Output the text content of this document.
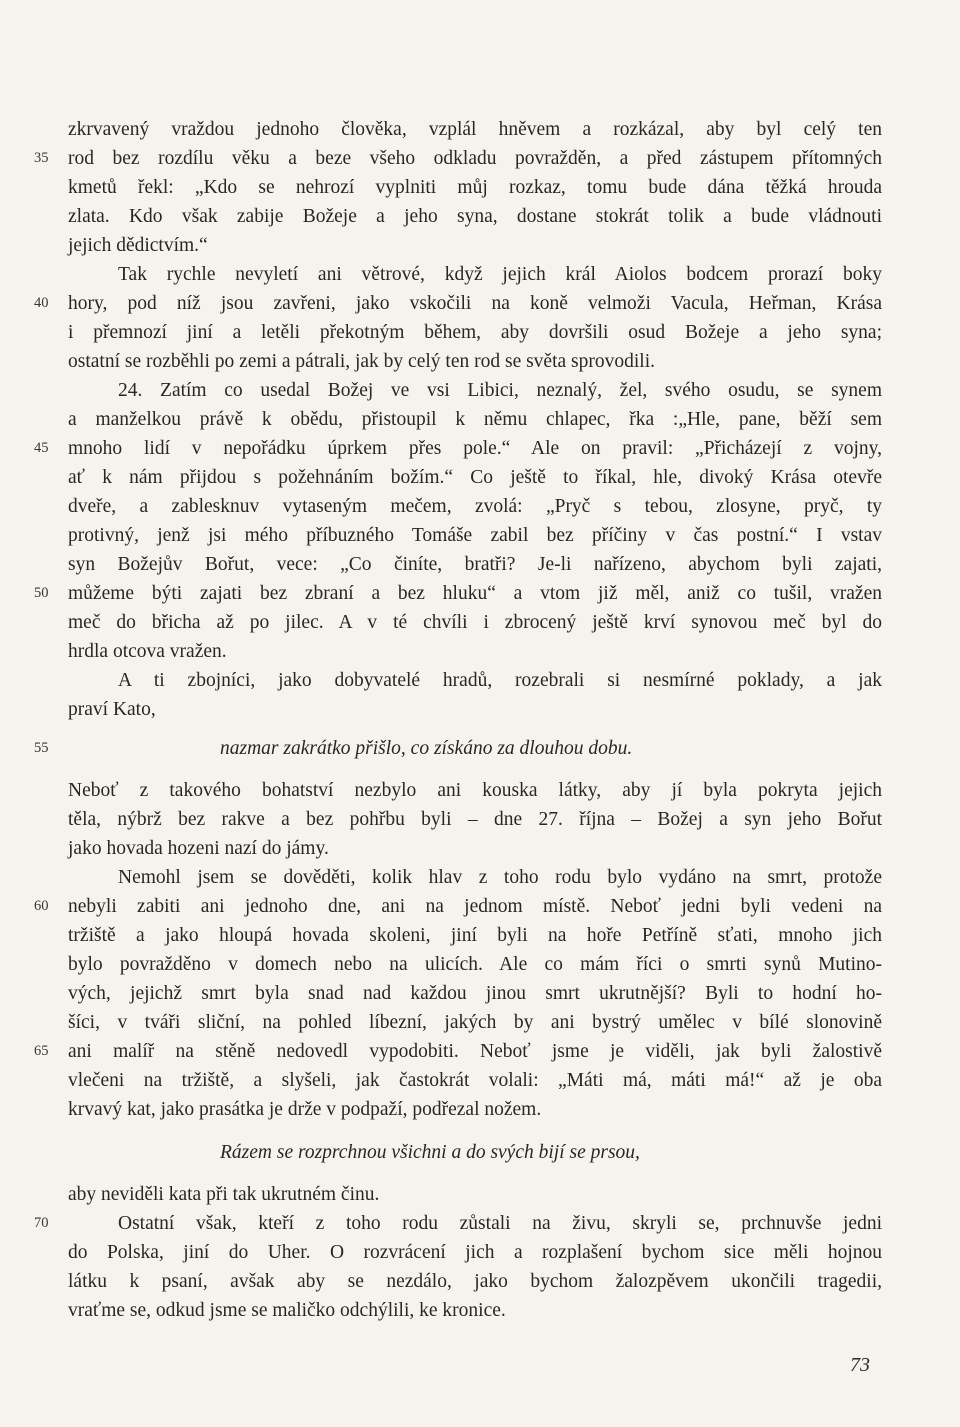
zkrvavený vraždou jednoho člověka, vzplál hněvem a rozkázal, aby byl celý ten
35	rod bez rozdílu věku a beze všeho odkladu povražděn, a před zástupem přítomných
kmetů řekl: „Kdo se nehrozí vyplniti můj rozkaz, tomu bude dána těžká hrouda
zlata. Kdo však zabije Božeje a jeho syna, dostane stokrát tolik a bude vládnouti
jejich dědictvím.“
Tak rychle nevyletí ani větrové, když jejich král Aiolos bodcem prorazí boky
40	hory, pod níž jsou zavřeni, jako vskočili na koně velmoži Vacula, Heřman, Krása
i přemnozí jiní a letěli překotným během, aby dovršili osud Božeje a jeho syna;
ostatní se rozběhli po zemi a pátrali, jak by celý ten rod se světa sprovodili.
24. Zatím co usedal Božej ve vsi Libici, neznalý, žel, svého osudu, se synem
a manželkou právě k obědu, přistoupil k němu chlapec, řka :„Hle, pane, běží sem
45	mnoho lidí v nepořádku úprkem přes pole.“ Ale on pravil: „Přicházejí z vojny,
ať k nám přijdou s požehnáním božím.“ Co ještě to říkal, hle, divoký Krása otevře
dveře, a zablesknuv vytaseným mečem, zvolá: „Pryč s tebou, zlosyne, pryč, ty
protivný, jenž jsi mého příbuzného Tomáše zabil bez příčiny v čas postní.“ I vstav
syn Božejův Bořut, vece: „Co činíte, bratři? Je-li nařízeno, abychom byli zajati,
50	můžeme býti zajati bez zbraní a bez hluku“ a vtom již měl, aniž co tušil, vražen
meč do břicha až po jilec. A v té chvíli i zbrocený ještě krví synovou meč byl do
hrdla otcova vražen.
A ti zbojníci, jako dobyvatelé hradů, rozebrali si nesmírné poklady, a jak
praví Kato,
55	nazmar zakrátko přišlo, co získáno za dlouhou dobu.
Neboť z takového bohatství nezbylo ani kouska látky, aby jí byla pokryta jejich
těla, nýbrž bez rakve a bez pohřbu byli – dne 27. října – Božej a syn jeho Bořut
jako hovada hozeni nazí do jámy.
Nemohl jsem se dověděti, kolik hlav z toho rodu bylo vydáno na smrt, protože
60	nebyli zabiti ani jednoho dne, ani na jednom místě. Neboť jedni byli vedeni na
tržiště a jako hloupá hovada skoleni, jiní byli na hoře Petříně sťati, mnoho jich
bylo povražděno v domech nebo na ulicích. Ale co mám říci o smrti synů Mutino-
vých, jejichž smrt byla snad nad každou jinou smrt ukrutnější? Byli to hodní ho-
šíci, v tváři sliční, na pohled líbezní, jakých by ani bystrý umělec v bílé slonovině
65	ani malíř na stěně nedovedl vypodobiti. Neboť jsme je viděli, jak byli žalostivě
vlečeni na tržiště, a slyšeli, jak častokrát volali: „Máti má, máti má!“ až je oba
krvavý kat, jako prasátka je drže v podpaží, podřezal nožem.
Rázem se rozprchnou všichni a do svých bijí se prsou,
aby neviděli kata při tak ukrutném činu.
70	Ostatní však, kteří z toho rodu zůstali na živu, skryli se, prchnuvše jedni
do Polska, jiní do Uher. O rozvrácení jich a rozplašení bychom sice měli hojnou
látku k psaní, avšak aby se nezdálo, jako bychom žalozpěvem ukončili tragedii,
vraťme se, odkud jsme se maličko odchýlili, ke kronice.
73
